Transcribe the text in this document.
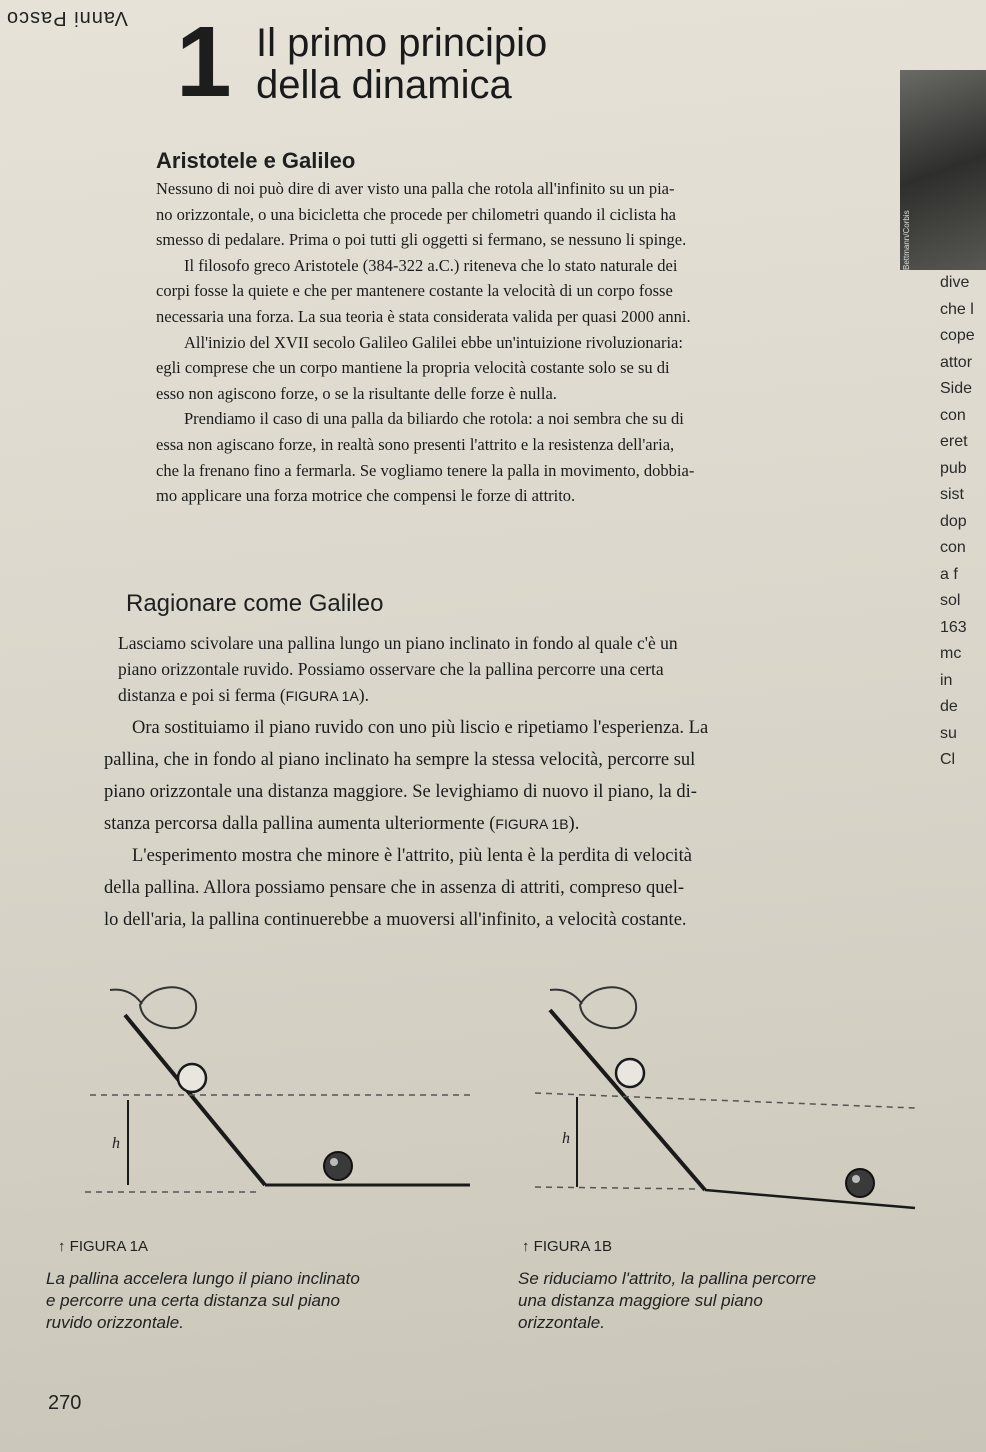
Vanni Pasco 1 Il primo principio
della dinamica
Bettmann/Corbis
dive
che l
cope
attor
Side
con
eret
pub
sist
dop
con
a f
sol
163
mc
in
de
su
Cl
Aristotele e Galileo
Nessuno di noi può dire di aver visto una palla che rotola all'infinito su un pia-
no orizzontale, o una bicicletta che procede per chilometri quando il ciclista ha
smesso di pedalare. Prima o poi tutti gli oggetti si fermano, se nessuno li spinge.
Il filosofo greco Aristotele (384-322 a.C.) riteneva che lo stato naturale dei
corpi fosse la quiete e che per mantenere costante la velocità di un corpo fosse
necessaria una forza. La sua teoria è stata considerata valida per quasi 2000 anni.
All'inizio del XVII secolo Galileo Galilei ebbe un'intuizione rivoluzionaria:
egli comprese che un corpo mantiene la propria velocità costante solo se su di
esso non agiscono forze, o se la risultante delle forze è nulla.
Prendiamo il caso di una palla da biliardo che rotola: a noi sembra che su di
essa non agiscano forze, in realtà sono presenti l'attrito e la resistenza dell'aria,
che la frenano fino a fermarla. Se vogliamo tenere la palla in movimento, dobbia-
mo applicare una forza motrice che compensi le forze di attrito.
Ragionare come Galileo
Lasciamo scivolare una pallina lungo un piano inclinato in fondo al quale c'è un
piano orizzontale ruvido. Possiamo osservare che la pallina percorre una certa
distanza e poi si ferma (FIGURA 1A).
Ora sostituiamo il piano ruvido con uno più liscio e ripetiamo l'esperienza. La
pallina, che in fondo al piano inclinato ha sempre la stessa velocità, percorre sul
piano orizzontale una distanza maggiore. Se levighiamo di nuovo il piano, la di-
stanza percorsa dalla pallina aumenta ulteriormente (FIGURA 1B).
L'esperimento mostra che minore è l'attrito, più lenta è la perdita di velocità
della pallina. Allora possiamo pensare che in assenza di attriti, compreso quel-
lo dell'aria, la pallina continuerebbe a muoversi all'infinito, a velocità costante.
h
↑ FIGURA 1A
La pallina accelera lungo il piano inclinato
e percorre una certa distanza sul piano
ruvido orizzontale.
h
↑ FIGURA 1B
Se riduciamo l'attrito, la pallina percorre
una distanza maggiore sul piano
orizzontale.
270
